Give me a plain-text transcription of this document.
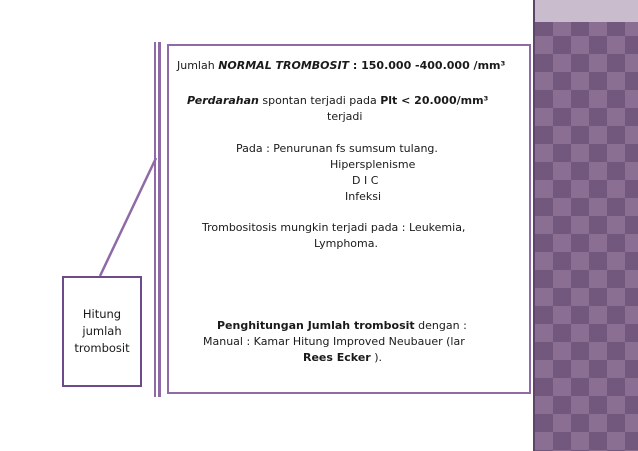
Hitung
jumlah
trombosit
Jumlah NORMAL TROMBOSIT : 150.000 -400.000 /mm³
Perdarahan spontan terjadi pada Plt < 20.000/mm³
terjadi
Pada : Penurunan fs sumsum tulang.
Hipersplenisme
D I C
Infeksi
Trombositosis mungkin terjadi pada : Leukemia,
Lymphoma.
Penghitungan Jumlah trombosit dengan :
Manual : Kamar Hitung Improved Neubauer (lar
Rees Ecker ).
